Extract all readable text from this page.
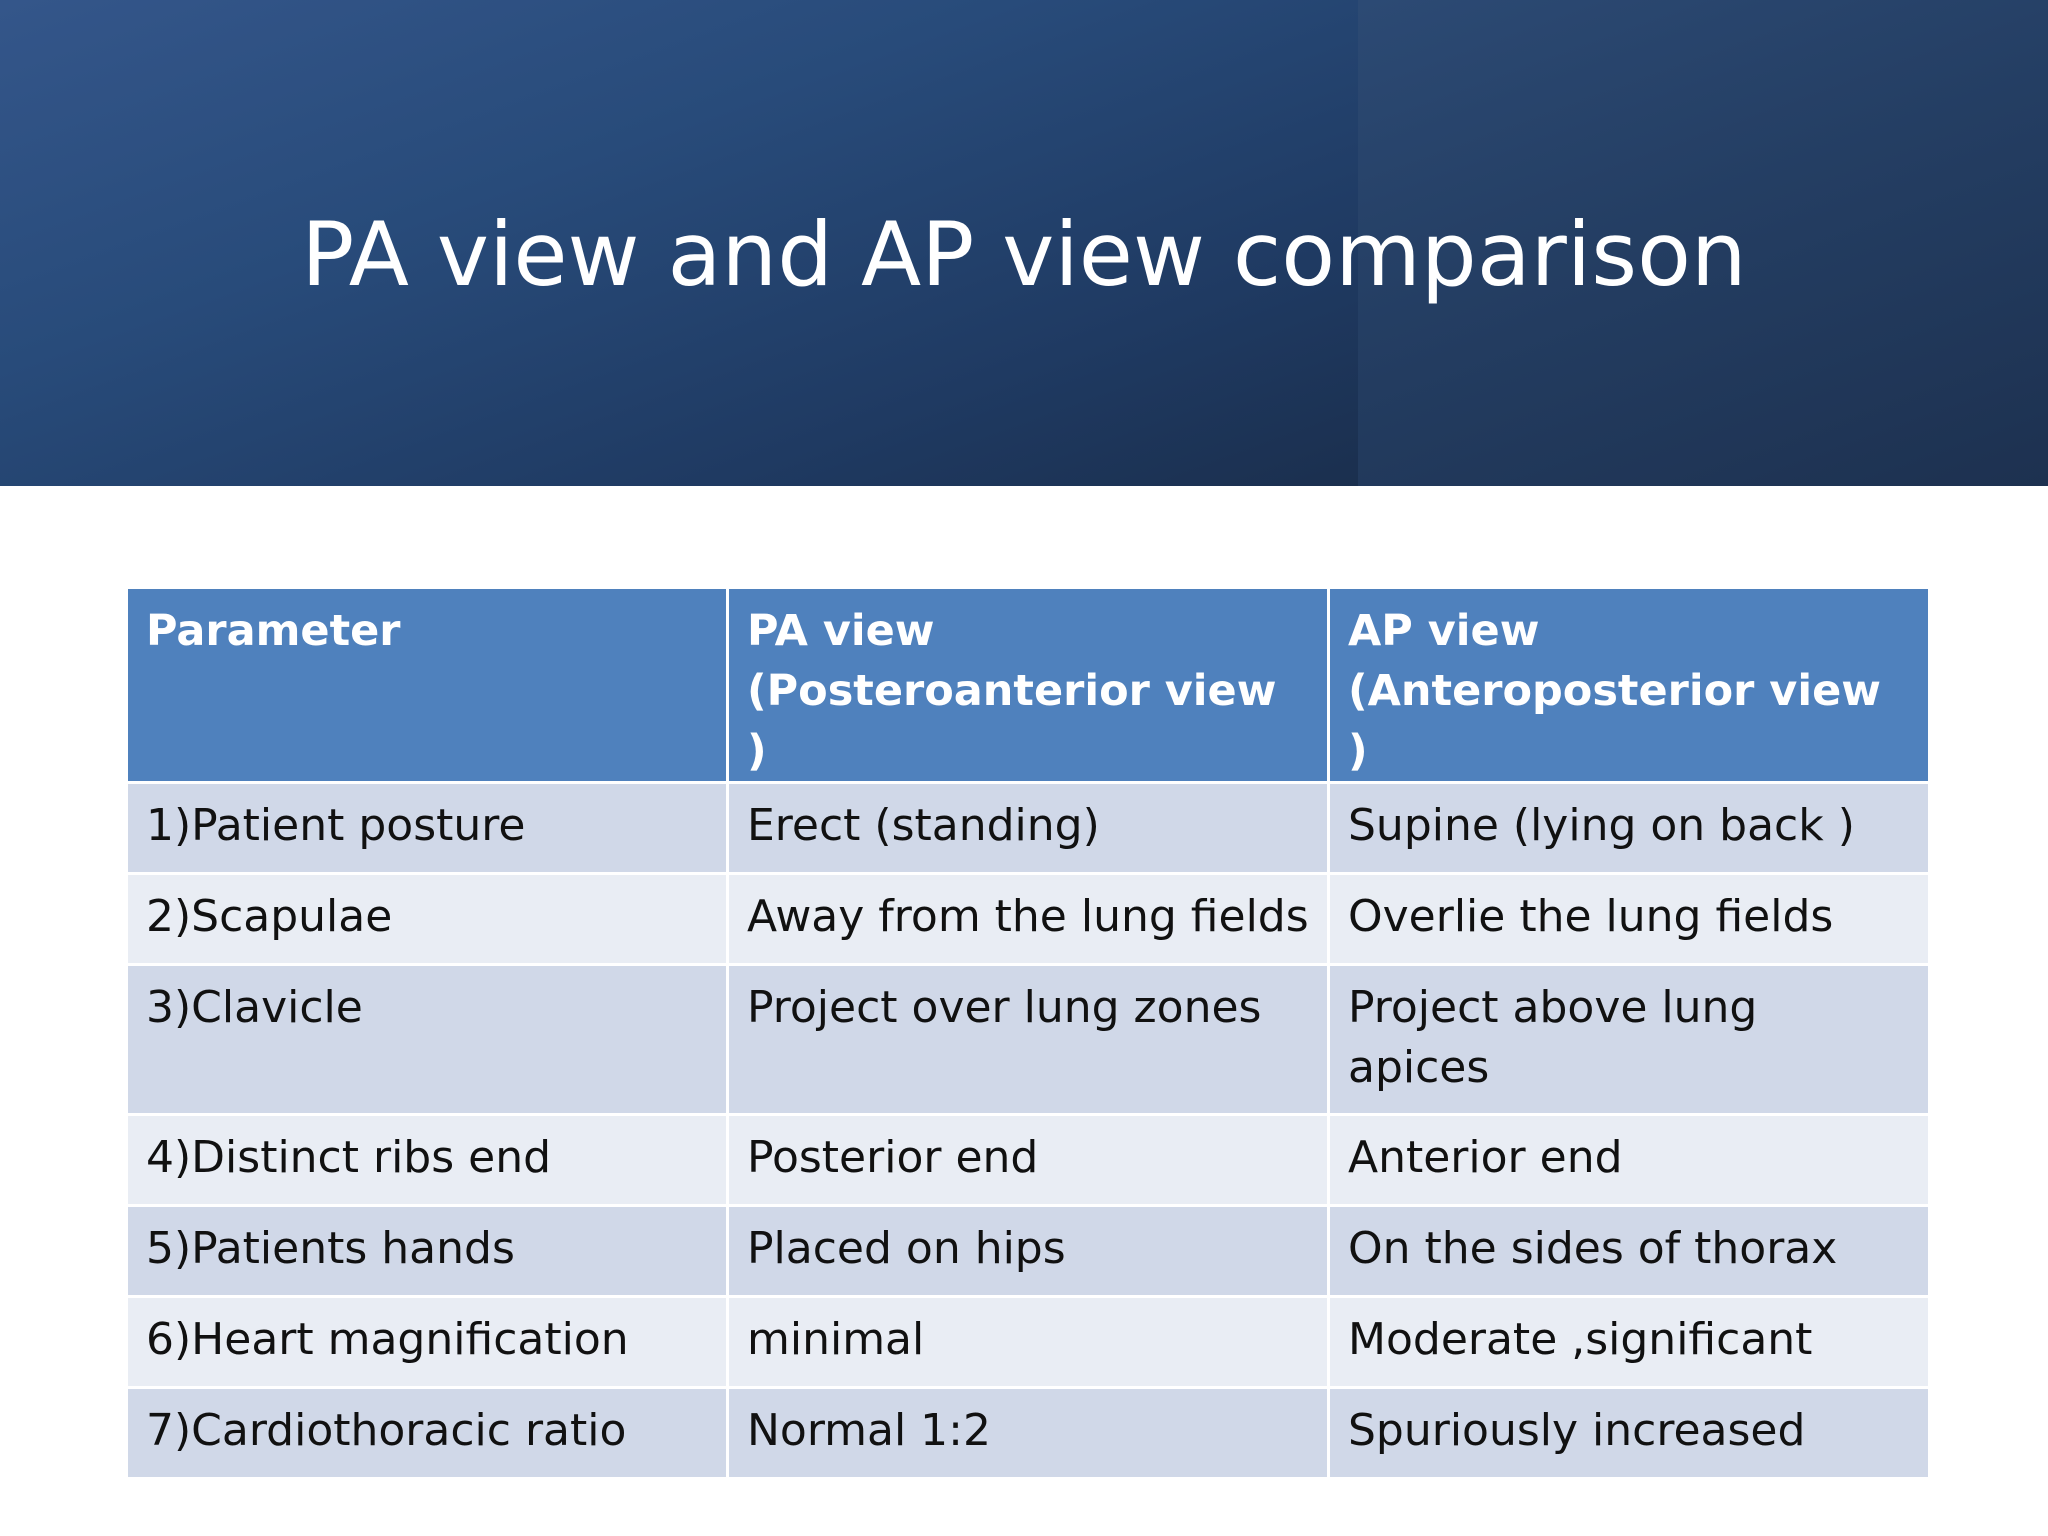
PA view and AP view comparison
Parameter	PA view (Posteroanterior view )	AP view (Anteroposterior view )
1)Patient posture	Erect (standing)	Supine (lying on back )
2)Scapulae	Away from the lung fields	Overlie the lung fields
3)Clavicle	Project over lung zones	Project above lung apices
4)Distinct ribs end	Posterior end	Anterior end
5)Patients hands	Placed on hips	On the sides of thorax
6)Heart magnification	minimal	Moderate ,significant
7)Cardiothoracic ratio	Normal 1:2	Spuriously increased
